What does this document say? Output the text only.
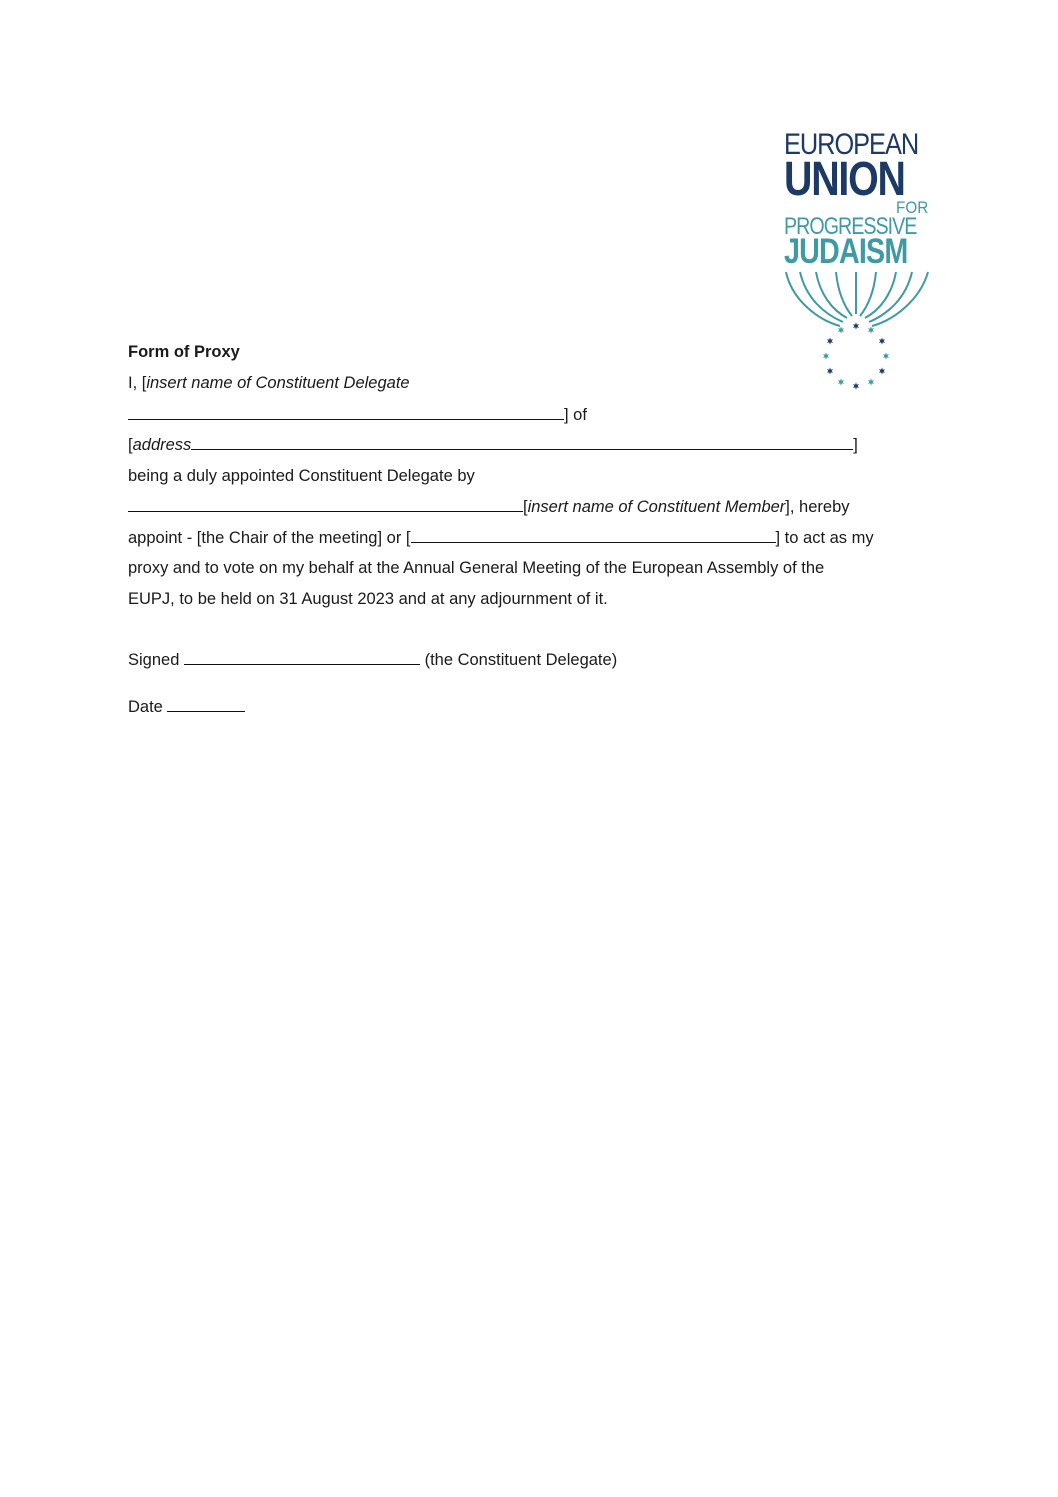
EUROPEAN
UNION
FOR
PROGRESSIVE
JUDAISM
Form of Proxy
I, [insert name of Constituent Delegate
] of
[address	]
being a duly appointed Constituent Delegate by
[insert name of Constituent Member], hereby
appoint - [the Chair of the meeting] or [	] to act as my
proxy and to vote on my behalf at the Annual General Meeting of the European Assembly of the
EUPJ, to be held on 31 August 2023 and at any adjournment of it.
Signed	(the Constituent Delegate)
Date
